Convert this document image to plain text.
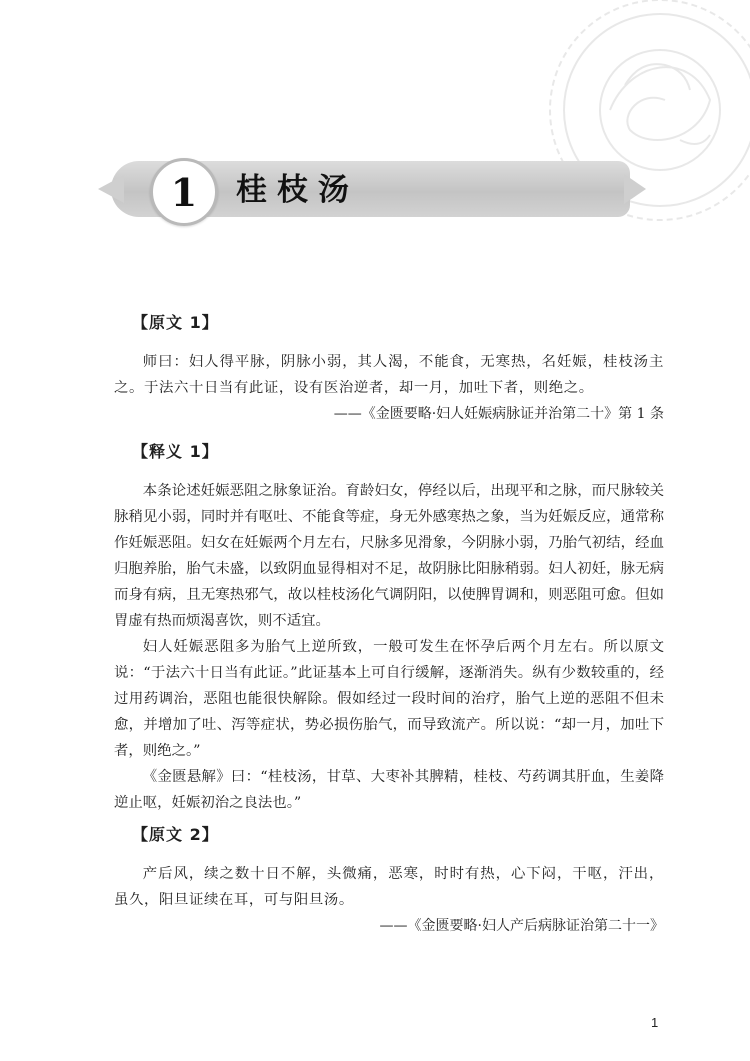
1 桂枝汤
【原文 1】

师曰：妇人得平脉，阴脉小弱，其人渴，不能食，无寒热，名妊娠，桂枝汤主之。于法六十日当有此证，设有医治逆者，却一月，加吐下者，则绝之。

——《金匮要略·妇人妊娠病脉证并治第二十》第 1 条

【释义 1】

本条论述妊娠恶阻之脉象证治。育龄妇女，停经以后，出现平和之脉，而尺脉较关脉稍见小弱，同时并有呕吐、不能食等症，身无外感寒热之象，当为妊娠反应，通常称作妊娠恶阻。妇女在妊娠两个月左右，尺脉多见滑象，今阴脉小弱，乃胎气初结，经血归胞养胎，胎气未盛，以致阴血显得相对不足，故阴脉比阳脉稍弱。妇人初妊，脉无病而身有病，且无寒热邪气，故以桂枝汤化气调阴阳，以使脾胃调和，则恶阻可愈。但如胃虚有热而烦渴喜饮，则不适宜。

妇人妊娠恶阻多为胎气上逆所致，一般可发生在怀孕后两个月左右。所以原文说：“于法六十日当有此证。”此证基本上可自行缓解，逐渐消失。纵有少数较重的，经过用药调治，恶阻也能很快解除。假如经过一段时间的治疗，胎气上逆的恶阻不但未愈，并增加了吐、泻等症状，势必损伤胎气，而导致流产。所以说：“却一月，加吐下者，则绝之。”

《金匮悬解》曰：“桂枝汤，甘草、大枣补其脾精，桂枝、芍药调其肝血，生姜降逆止呕，妊娠初治之良法也。”

【原文 2】

产后风，续之数十日不解，头微痛，恶寒，时时有热，心下闷，干呕，汗出，虽久，阳旦证续在耳，可与阳旦汤。

——《金匮要略·妇人产后病脉证治第二十一》

1
